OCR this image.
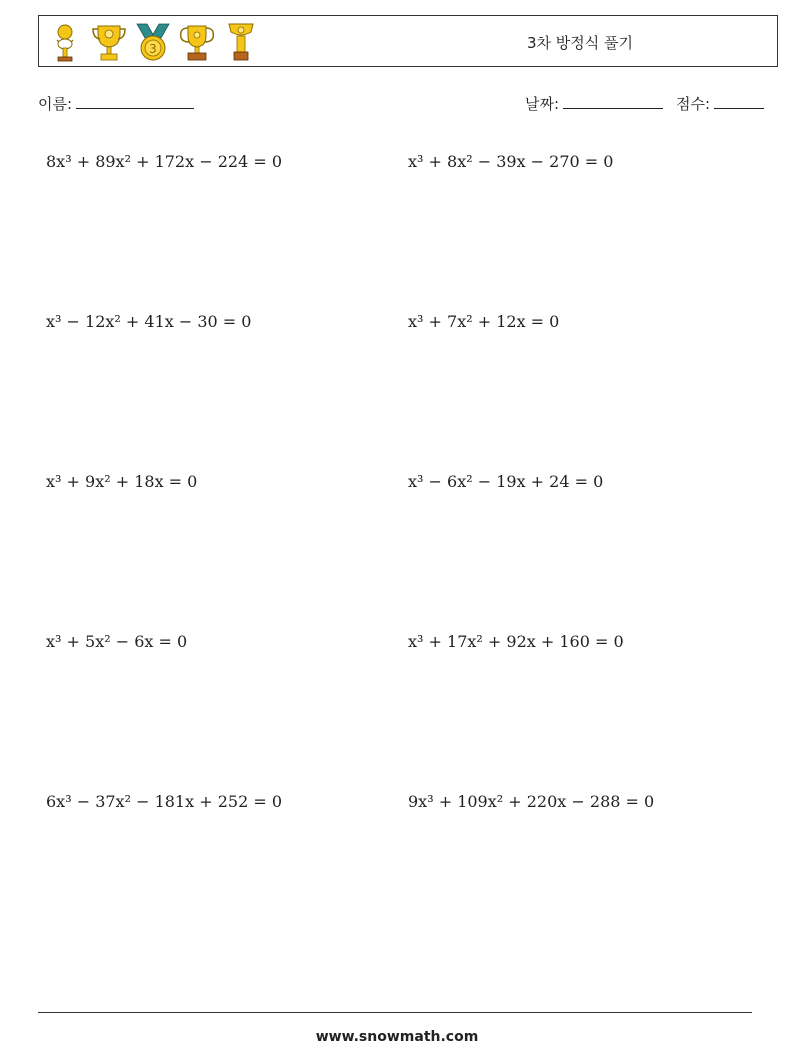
3	3차 방정식 풀기
이름:	날짜:	점수:
8x³ + 89x² + 172x − 224 = 0	x³ + 8x² − 39x − 270 = 0
x³ − 12x² + 41x − 30 = 0	x³ + 7x² + 12x = 0
x³ + 9x² + 18x = 0	x³ − 6x² − 19x + 24 = 0
x³ + 5x² − 6x = 0	x³ + 17x² + 92x + 160 = 0
6x³ − 37x² − 181x + 252 = 0	9x³ + 109x² + 220x − 288 = 0
www.snowmath.com
